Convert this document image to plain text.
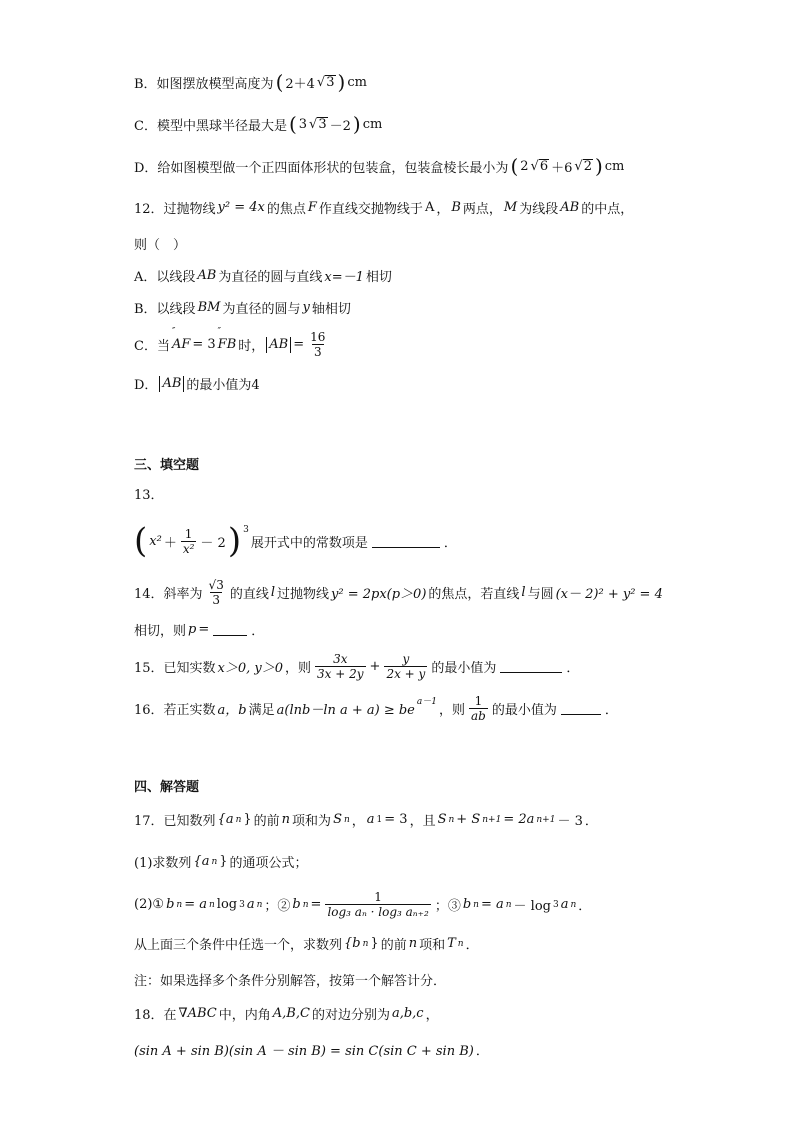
B．如图摆放模型高度为 ( 2＋4 √ 3 ) cm
C．模型中黑球半径最大是 ( 3 √ 3 －2 ) cm
D．给如图模型做一个正四面体形状的包装盒，包装盒棱长最小为 ( 2 √ 6 ＋6 √ 2 ) cm
12．过抛物线 y² = 4x 的焦点 F 作直线交抛物线于 A ， B 两点， M 为线段 AB 的中点，
则（　）
A．以线段 AB 为直径的圆与直线 x=－1 相切
B．以线段 BM 为直径的圆与 y 轴相切
C．当 ″ AF = 3 ″ FB 时， AB = $\frac{16}{3}$
D． AB 的最小值为4
三、填空题
13．
( $x^2 + \frac{1}{\text{x²}} - 2$ ) 3
展开式中的常数项是	．
14．斜率为 $\frac{√3}{3}$ 的直线 l 过抛物线 y² = 2px(p＞0) 的焦点，若直线 l 与圆 (x－ 2)² + y² = 4
相切，则 p =	．
15．已知实数 x＞0, y＞0 ，则 $\frac{3x}{3x + 2y} + \frac{y}{2x + y}$ 的最小值为	．
16．若正实数 a，b 满足 a(lnb－ln a + a) ≥ be
a－1
，则 $\frac{1}{ab}$ 的最小值为	．
四、解答题
17．已知数列 {a n } 的前 n 项和为 S n ， a 1 = 3 ，且 S n + S n+1 = 2a n+1 － 3 ．
(1)求数列 {a n } 的通项公式；
(2)① b n = a n log 3 a n ；② b $n = \frac{1}{\text{log₃ aₙ · log₃ aₙ₊₂}}$ ；③ b n = a n － log 3 a n ．
从上面三个条件中任选一个，求数列 {b n } 的前 n 项和 T n ．
注：如果选择多个条件分别解答，按第一个解答计分．
18．在 ∇ABC 中，内角 A,B,C 的对边分别为 a,b,c ，
(sin A + sin B)(sin A － sin B) = sin C(sin C + sin B) ．
